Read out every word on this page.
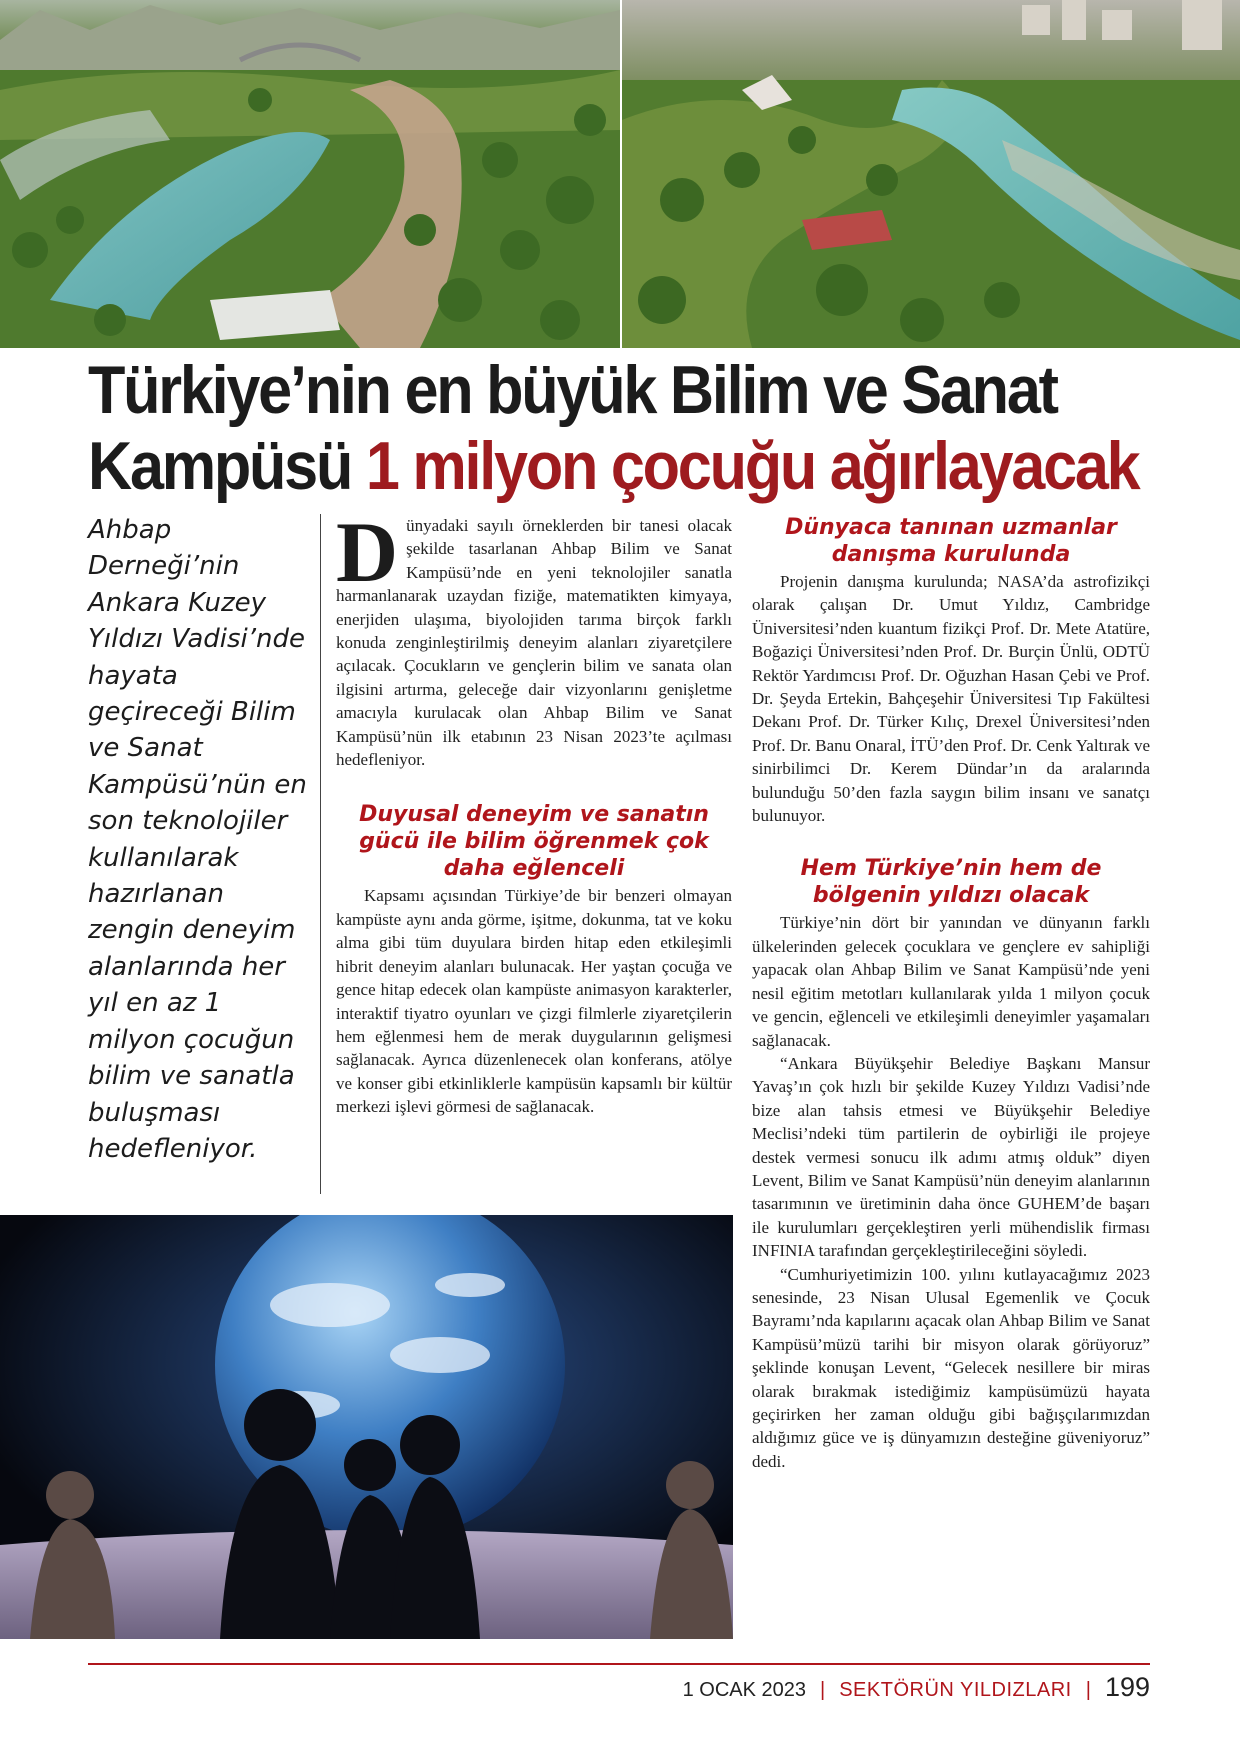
Türkiye’nin en büyük Bilim ve Sanat
Kampüsü 1 milyon çocuğu ağırlayacak

Ahbap Derneği’nin Ankara Kuzey Yıldızı Vadisi’nde hayata geçireceği Bilim ve Sanat Kampüsü’nün en son teknolojiler kullanılarak hazırlanan zengin deneyim alanlarında her yıl en az 1 milyon çocuğun bilim ve sanatla buluşması hedefleniyor.

Dünyadaki sayılı örneklerden bir tanesi olacak şekilde tasarlanan Ahbap Bilim ve Sanat Kampüsü’nde en yeni teknolojiler sanatla harmanlanarak uzaydan fiziğe, matematikten kimyaya, enerjiden ulaşıma, biyolojiden tarıma birçok farklı konuda zenginleştirilmiş deneyim alanları ziyaretçilere açılacak. Çocukların ve gençlerin bilim ve sanata olan ilgisini artırma, geleceğe dair vizyonlarını genişletme amacıyla kurulacak olan Ahbap Bilim ve Sanat Kampüsü’nün ilk etabının 23 Nisan 2023’te açılması hedefleniyor.

Duyusal deneyim ve sanatın gücü ile bilim öğrenmek çok daha eğlenceli

Kapsamı açısından Türkiye’de bir benzeri olmayan kampüste aynı anda görme, işitme, dokunma, tat ve koku alma gibi tüm duyulara birden hitap eden etkileşimli hibrit deneyim alanları bulunacak. Her yaştan çocuğa ve gence hitap edecek olan kampüste animasyon karakterler, interaktif tiyatro oyunları ve çizgi filmlerle ziyaretçilerin hem eğlenmesi hem de merak duygularının gelişmesi sağlanacak. Ayrıca düzenlenecek olan konferans, atölye ve konser gibi etkinliklerle kampüsün kapsamlı bir kültür merkezi işlevi görmesi de sağlanacak.

Dünyaca tanınan uzmanlar danışma kurulunda

Projenin danışma kurulunda; NASA’da astrofizikçi olarak çalışan Dr. Umut Yıldız, Cambridge Üniversitesi’nden kuantum fizikçi Prof. Dr. Mete Atatüre, Boğaziçi Üniversitesi’nden Prof. Dr. Burçin Ünlü, ODTÜ Rektör Yardımcısı Prof. Dr. Oğuzhan Hasan Çebi ve Prof. Dr. Şeyda Ertekin, Bahçeşehir Üniversitesi Tıp Fakültesi Dekanı Prof. Dr. Türker Kılıç, Drexel Üniversitesi’nden Prof. Dr. Banu Onaral, İTÜ’den Prof. Dr. Cenk Yaltırak ve sinirbilimci Dr. Kerem Dündar’ın da aralarında bulunduğu 50’den fazla saygın bilim insanı ve sanatçı bulunuyor.

Hem Türkiye’nin hem de bölgenin yıldızı olacak

Türkiye’nin dört bir yanından ve dünyanın farklı ülkelerinden gelecek çocuklara ve gençlere ev sahipliği yapacak olan Ahbap Bilim ve Sanat Kampüsü’nde yeni nesil eğitim metotları kullanılarak yılda 1 milyon çocuk ve gencin, eğlenceli ve etkileşimli deneyimler yaşamaları sağlanacak.

“Ankara Büyükşehir Belediye Başkanı Mansur Yavaş’ın çok hızlı bir şekilde Kuzey Yıldızı Vadisi’nde bize alan tahsis etmesi ve Büyükşehir Belediye Meclisi’ndeki tüm partilerin de oybirliği ile projeye destek vermesi sonucu ilk adımı atmış olduk” diyen Levent, Bilim ve Sanat Kampüsü’nün deneyim alanlarının tasarımının ve üretiminin daha önce GUHEM’de başarı ile kurulumları gerçekleştiren yerli mühendislik firması INFINIA tarafından gerçekleştirileceğini söyledi.

“Cumhuriyetimizin 100. yılını kutlayacağımız 2023 senesinde, 23 Nisan Ulusal Egemenlik ve Çocuk Bayramı’nda kapılarını açacak olan Ahbap Bilim ve Sanat Kampüsü’müzü tarihi bir misyon olarak görüyoruz” şeklinde konuşan Levent, “Gelecek nesillere bir miras olarak bırakmak istediğimiz kampüsümüzü hayata geçirirken her zaman olduğu gibi bağışçılarımızdan aldığımız güce ve iş dünyamızın desteğine güveniyoruz” dedi.

1 OCAK 2023 | SEKTÖRÜN YILDIZLARI | 199
